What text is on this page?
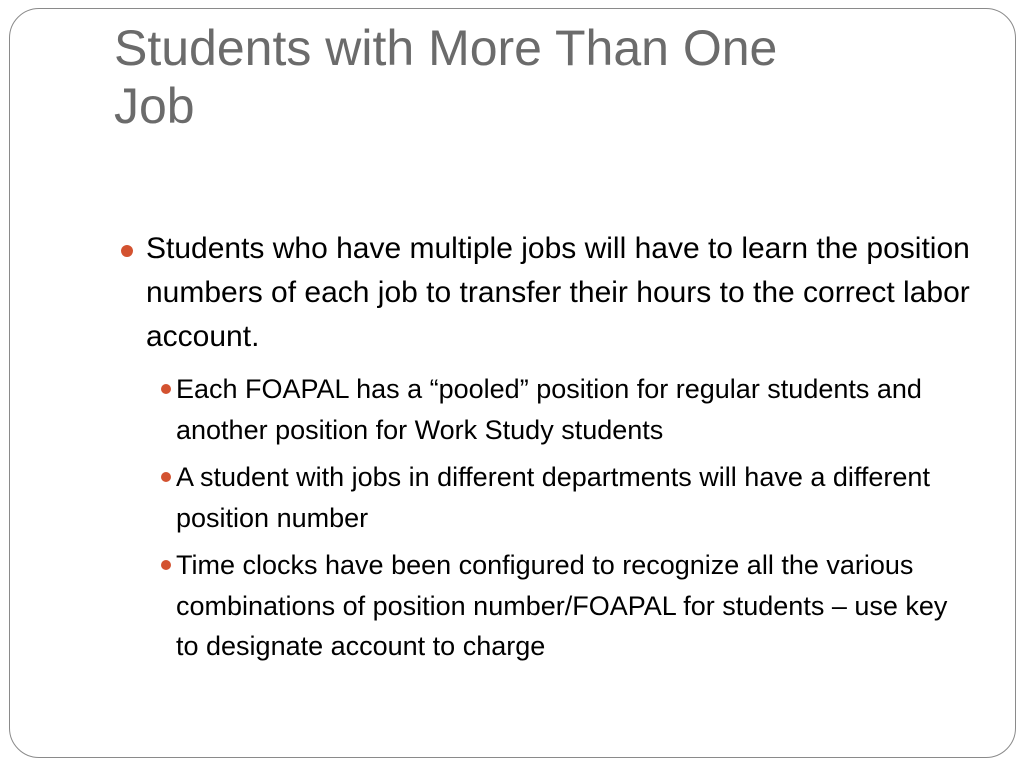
Students with More Than One
Job
Students who have multiple jobs will have to learn the position numbers of each job to transfer their hours to the correct labor account.
Each FOAPAL has a “pooled” position for regular students and another position for Work Study students
A student with jobs in different departments will have a different position number
Time clocks have been configured to recognize all the various combinations of position number/FOAPAL for students – use key to designate account to charge
